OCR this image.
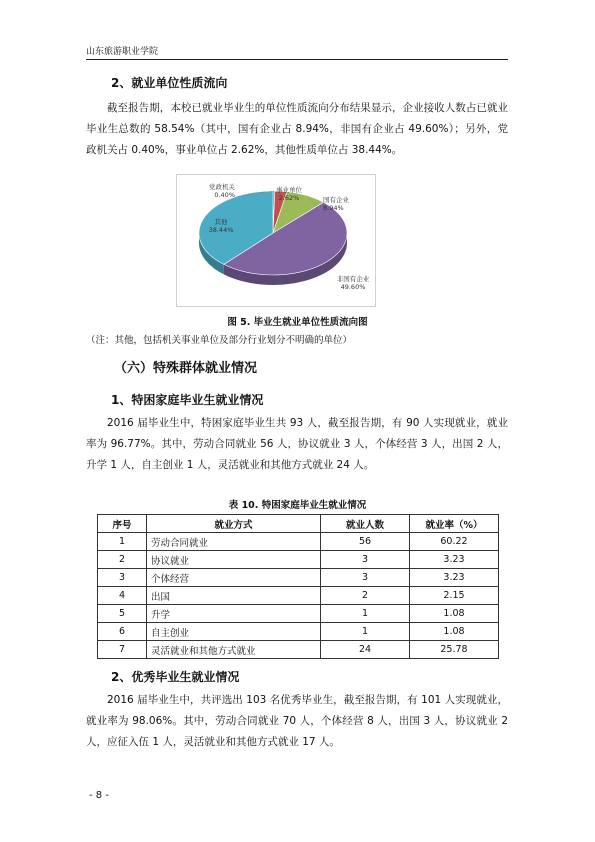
山东旅游职业学院
2、就业单位性质流向

截至报告期，本校已就业毕业生的单位性质流向分布结果显示，企业接收人数占已就业毕业生总数的 58.54%（其中，国有企业占 8.94%，非国有企业占 49.60%）；另外，党政机关占 0.40%，事业单位占 2.62%，其他性质单位占 38.44%。

党政机关
0.40%
事业单位
2.62%	国有企业
8.94%
非国有企业
49.60%
其他
38.44%
图 5. 毕业生就业单位性质流向图
（注：其他，包括机关事业单位及部分行业划分不明确的单位）
（六）特殊群体就业情况
1、特困家庭毕业生就业情况

2016 届毕业生中，特困家庭毕业生共 93 人，截至报告期，有 90 人实现就业，就业率为 96.77%。其中，劳动合同就业 56 人，协议就业 3 人，个体经营 3 人，出国 2 人，升学 1 人，自主创业 1 人，灵活就业和其他方式就业 24 人。

表 10. 特困家庭毕业生就业情况
序号	就业方式	就业人数	就业率（%）
1	劳动合同就业	56	60.22
2	协议就业	3	3.23
3	个体经营	3	3.23
4	出国	2	2.15
5	升学	1	1.08
6	自主创业	1	1.08
7	灵活就业和其他方式就业	24	25.78
2、优秀毕业生就业情况

2016 届毕业生中，共评选出 103 名优秀毕业生，截至报告期，有 101 人实现就业，就业率为 98.06%。其中，劳动合同就业 70 人，个体经营 8 人，出国 3 人，协议就业 2 人，应征入伍 1 人，灵活就业和其他方式就业 17 人。

- 8 -
